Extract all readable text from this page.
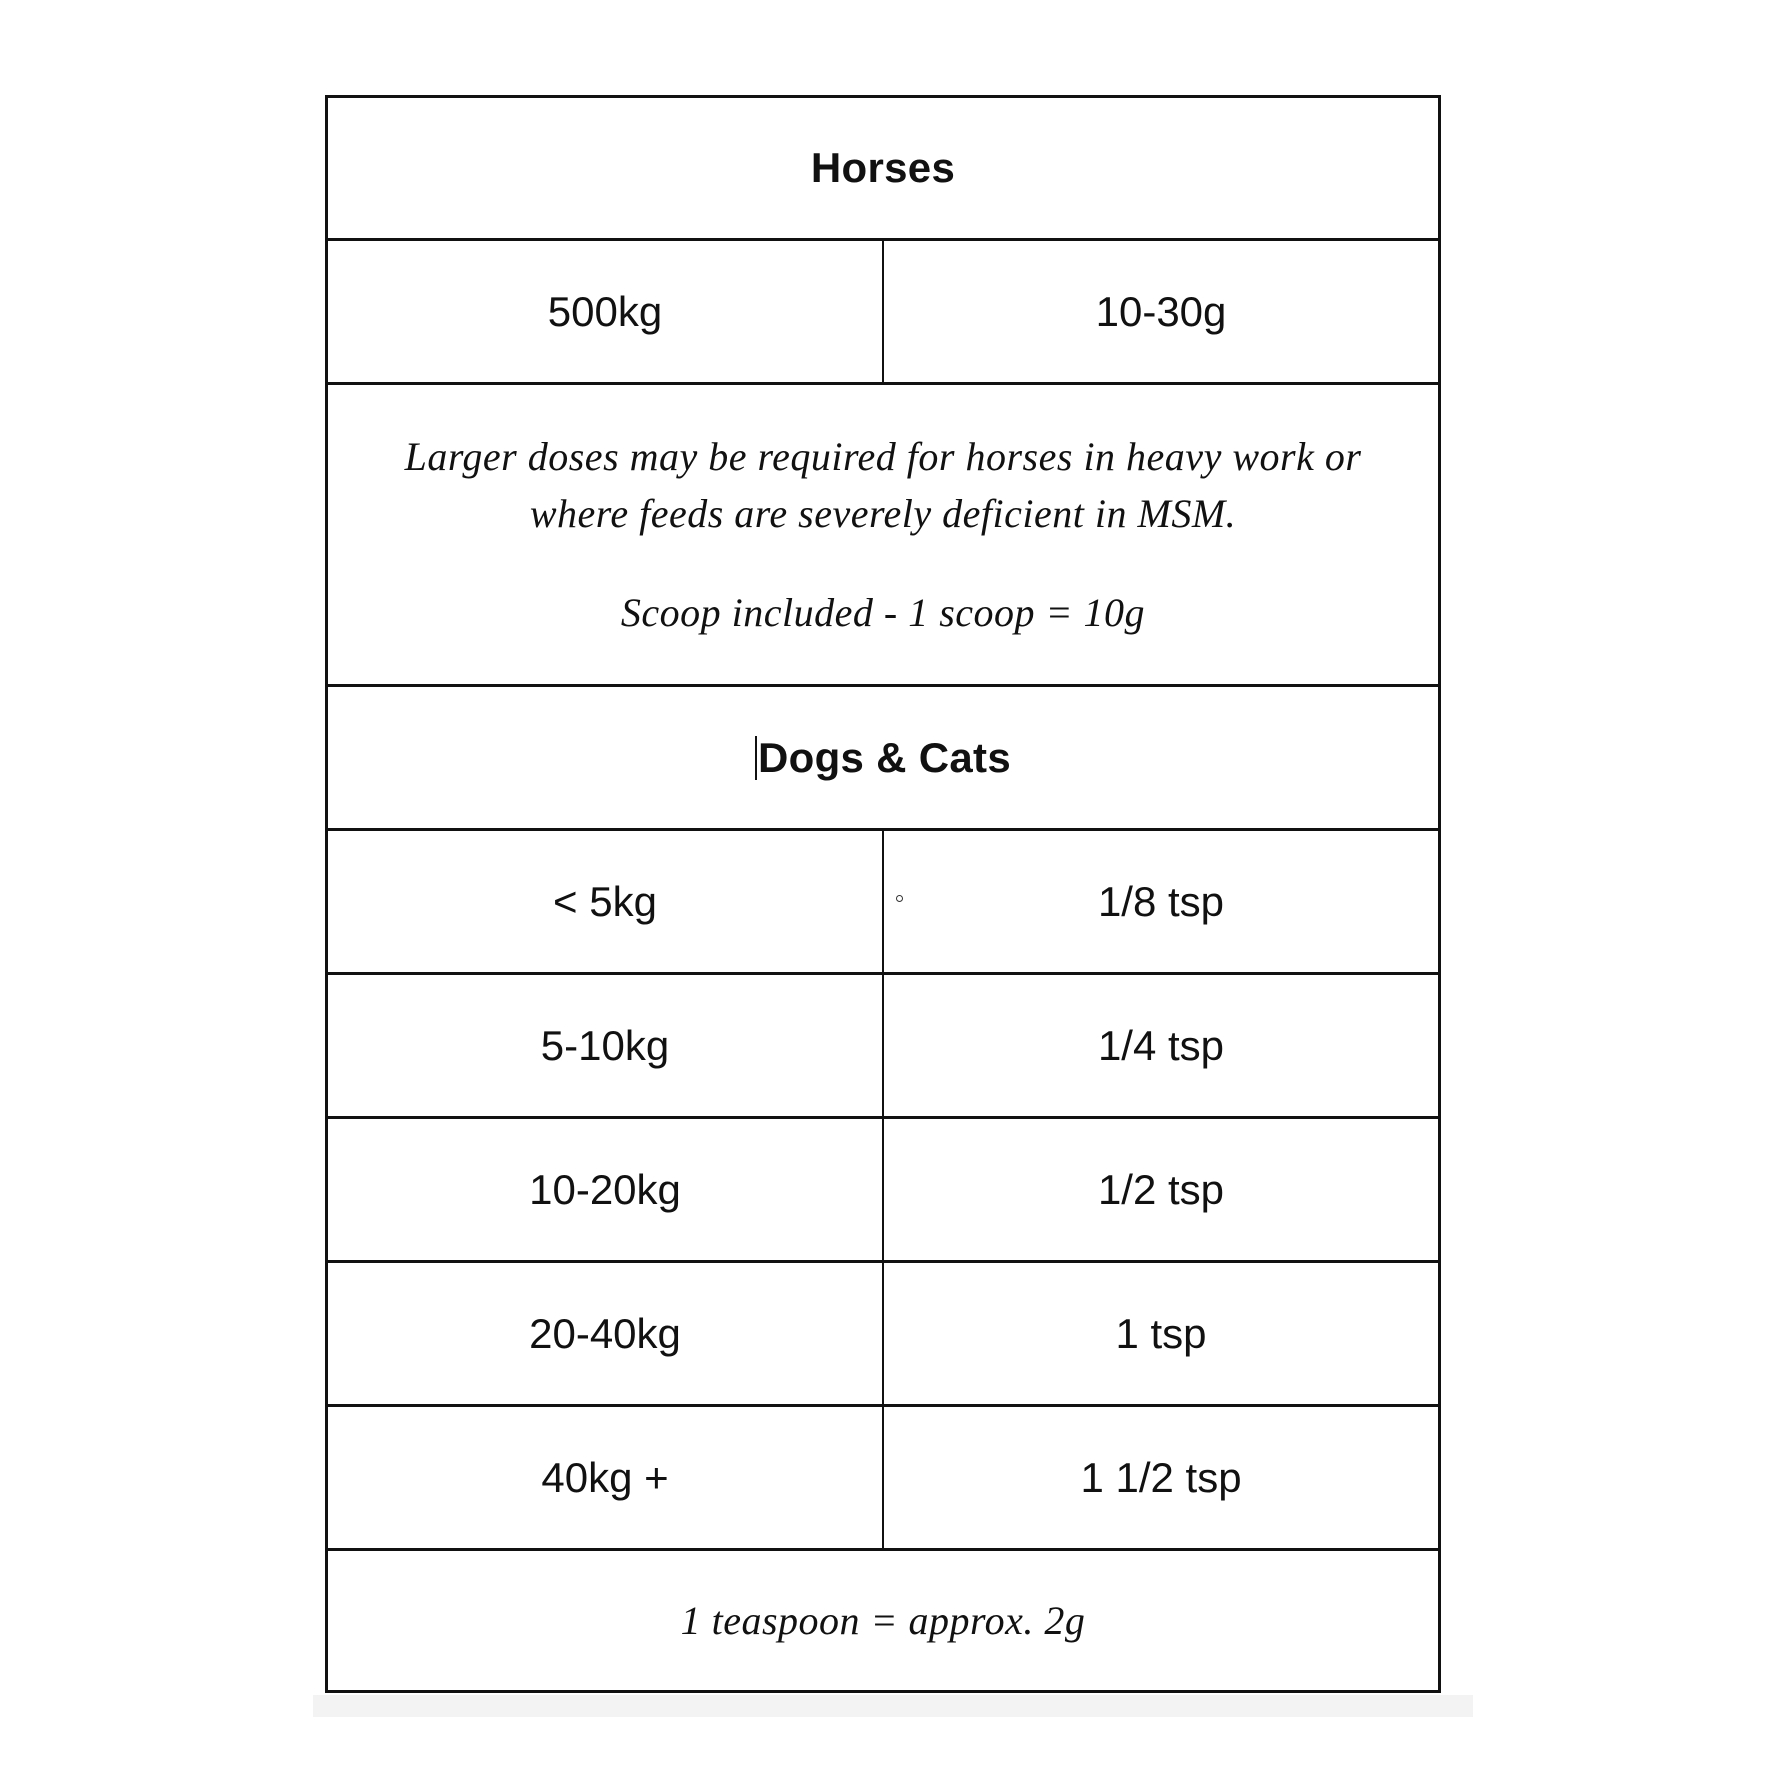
Horses
500kg	10-30g
Larger doses may be required for horses in heavy work or
where feeds are severely deficient in MSM.
Scoop included - 1 scoop = 10g
Dogs & Cats
< 5kg	1/8 tsp
5-10kg	1/4 tsp
10-20kg	1/2 tsp
20-40kg	1 tsp
40kg +	1 1/2 tsp
1 teaspoon = approx. 2g
